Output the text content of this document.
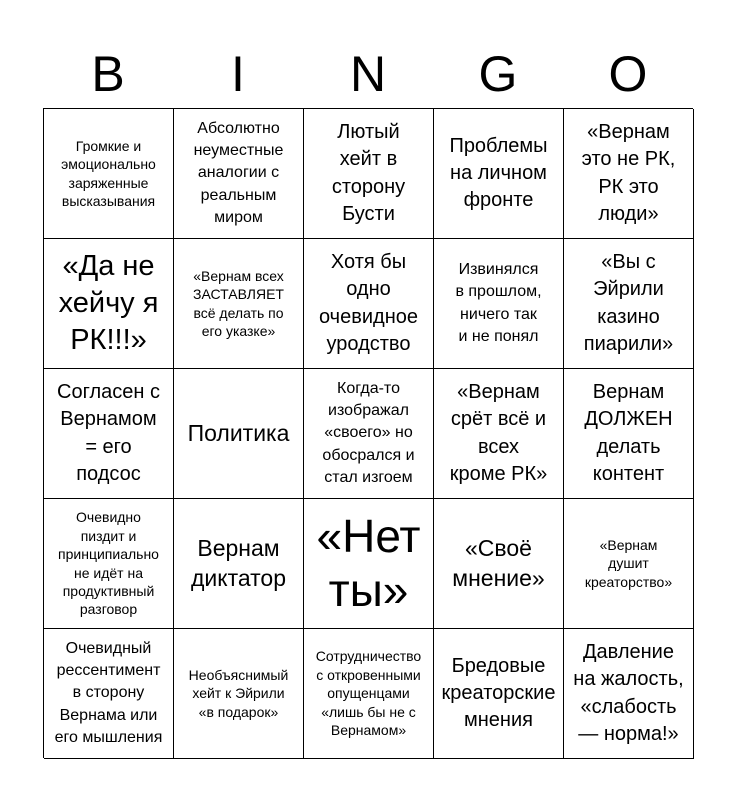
B	I	N	G	O
Громкие и
эмоционально
заряженные
высказывания
Абсолютно
неуместные
аналогии с
реальным
миром
Лютый
хейт в
сторону
Бусти
Проблемы
на личном
фронте
«Вернам
это не РК,
РК это
люди»
«Да не
хейчу я
РК!!!»
«Вернам всех
ЗАСТАВЛЯЕТ
всё делать по
его указке»
Хотя бы
одно
очевидное
уродство
Извинялся
в прошлом,
ничего так
и не понял
«Вы с
Эйрили
казино
пиарили»
Согласен с
Вернамом
= его
подсос
Политика
Когда-то
изображал
«своего» но
обосрался и
стал изгоем
«Вернам
срёт всё и
всех
кроме РК»
Вернам
ДОЛЖЕН
делать
контент
Очевидно
пиздит и
принципиально
не идёт на
продуктивный
разговор
Вернам
диктатор
«Нет
ты»
«Своё
мнение»
«Вернам
душит
креаторство»
Очевидный
рессентимент
в сторону
Вернама или
его мышления
Необъяснимый
хейт к Эйрили
«в подарок»
Сотрудничество
с откровенными
опущенцами
«лишь бы не с
Вернамом»
Бредовые
креаторские
мнения
Давление
на жалость,
«слабость
— норма!»
